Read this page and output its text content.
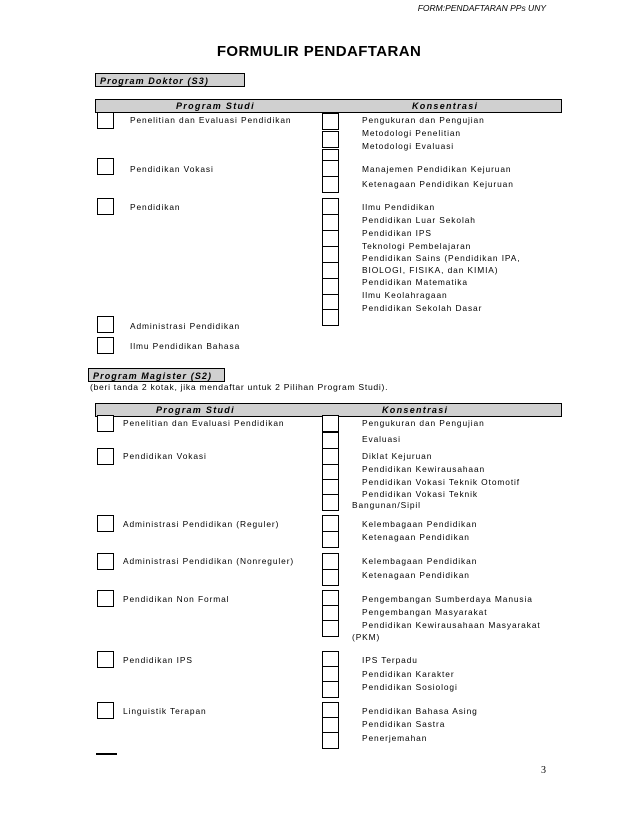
FORM:PENDAFTARAN PPs UNY
FORMULIR PENDAFTARAN
Program Doktor (S3)
Program Studi	Konsentrasi
Penelitian dan Evaluasi Pendidikan
Pendidikan Vokasi
Pendidikan
Administrasi Pendidikan
Ilmu Pendidikan Bahasa
Pengukuran dan Pengujian
Metodologi Penelitian
Metodologi Evaluasi
Manajemen Pendidikan Kejuruan
Ketenagaan Pendidikan Kejuruan
Ilmu Pendidikan
Pendidikan Luar Sekolah
Pendidikan IPS
Teknologi Pembelajaran
Pendidikan Sains (Pendidikan IPA,
BIOLOGI, FISIKA, dan KIMIA)
Pendidikan Matematika
Ilmu Keolahragaan
Pendidikan Sekolah Dasar
Program Magister (S2)
(beri tanda 2 kotak, jika mendaftar untuk 2 Pilihan Program Studi).
Program Studi	Konsentrasi
Penelitian dan Evaluasi Pendidikan
Pendidikan Vokasi
Administrasi Pendidikan (Reguler)
Administrasi Pendidikan (Nonreguler)
Pendidikan Non Formal
Pendidikan IPS
Linguistik Terapan
Pengukuran dan Pengujian
Evaluasi
Diklat Kejuruan
Pendidikan Kewirausahaan
Pendidikan Vokasi Teknik Otomotif
Pendidikan Vokasi Teknik
Bangunan/Sipil
Kelembagaan Pendidikan
Ketenagaan Pendidikan
Kelembagaan Pendidikan
Ketenagaan Pendidikan
Pengembangan Sumberdaya Manusia
Pengembangan Masyarakat
Pendidikan Kewirausahaan Masyarakat
(PKM)
IPS Terpadu
Pendidikan Karakter
Pendidikan Sosiologi
Pendidikan Bahasa Asing
Pendidikan Sastra
Penerjemahan
3
